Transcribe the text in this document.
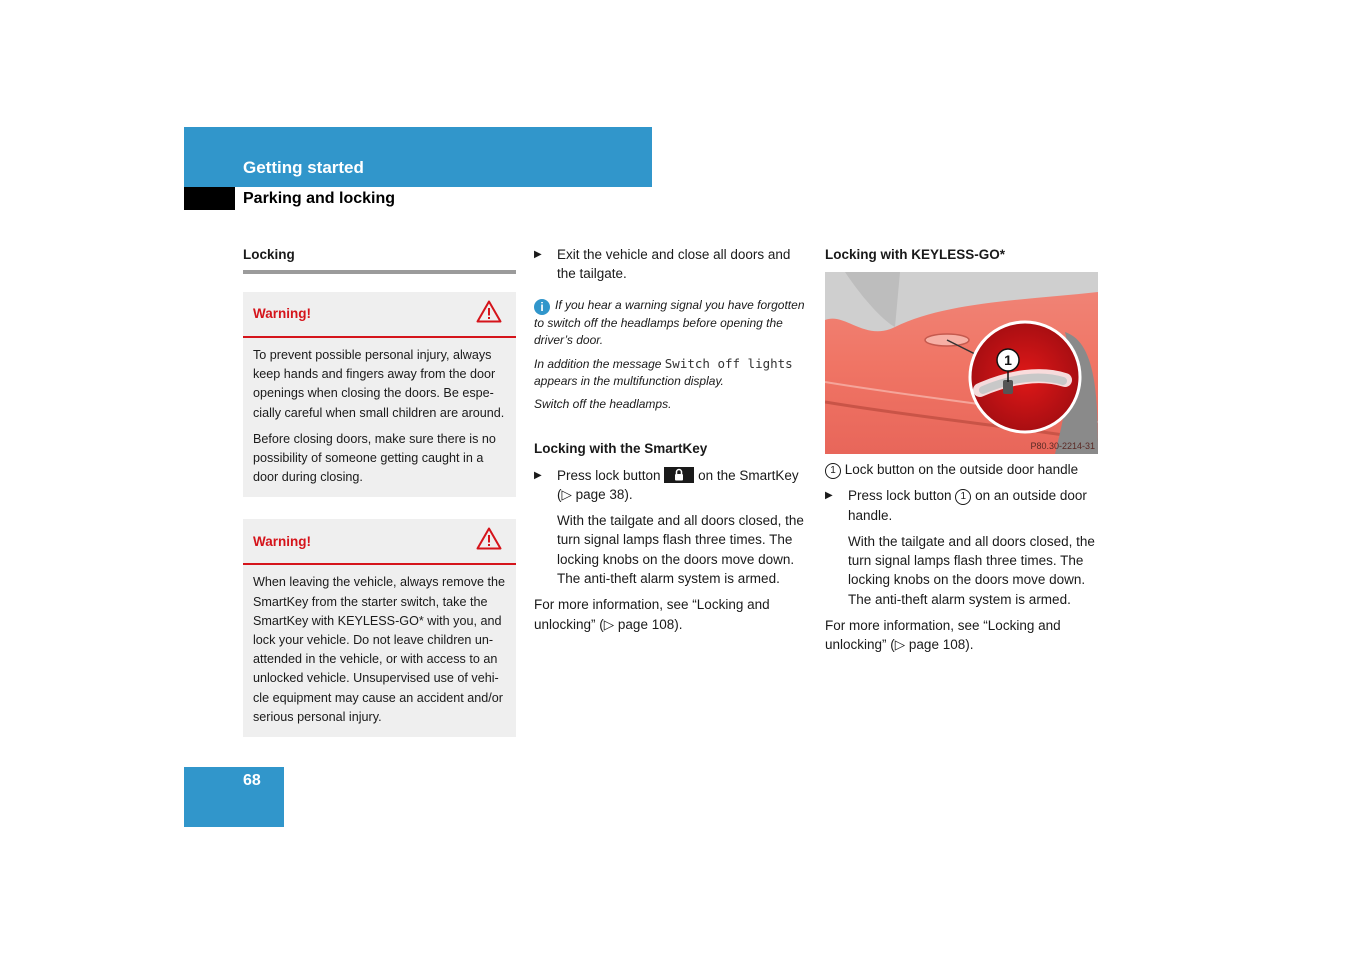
Getting started
Parking and locking
Locking
Warning!

To prevent possible personal injury, always keep hands and fingers away from the door openings when closing the doors. Be espe-cially careful when small children are around.

Before closing doors, make sure there is no possibility of someone getting caught in a door during closing.

Warning!

When leaving the vehicle, always remove the SmartKey from the starter switch, take the SmartKey with KEYLESS-GO* with you, and lock your vehicle. Do not leave children un-attended in the vehicle, or with access to an unlocked vehicle. Unsupervised use of vehi-cle equipment may cause an accident and/or serious personal injury.

▶ Exit the vehicle and close all doors and the tailgate.

i If you hear a warning signal you have forgotten to switch off the headlamps before opening the driver’s door.

In addition the message Switch off lights appears in the multifunction display.

Switch off the headlamps.

Locking with the SmartKey
▶ Press lock button
on the SmartKey (▷ page 38).

With the tailgate and all doors closed, the turn signal lamps flash three times. The locking knobs on the doors move down. The anti-theft alarm system is armed.

For more information, see “Locking and unlocking” (▷ page 108).

Locking with KEYLESS-GO*
1
P80.30-2214-31

1 Lock button on the outside door handle

▶ Press lock button 1 on an outside door handle.

With the tailgate and all doors closed, the turn signal lamps flash three times. The locking knobs on the doors move down. The anti-theft alarm system is armed.

For more information, see “Locking and unlocking” (▷ page 108).

68
